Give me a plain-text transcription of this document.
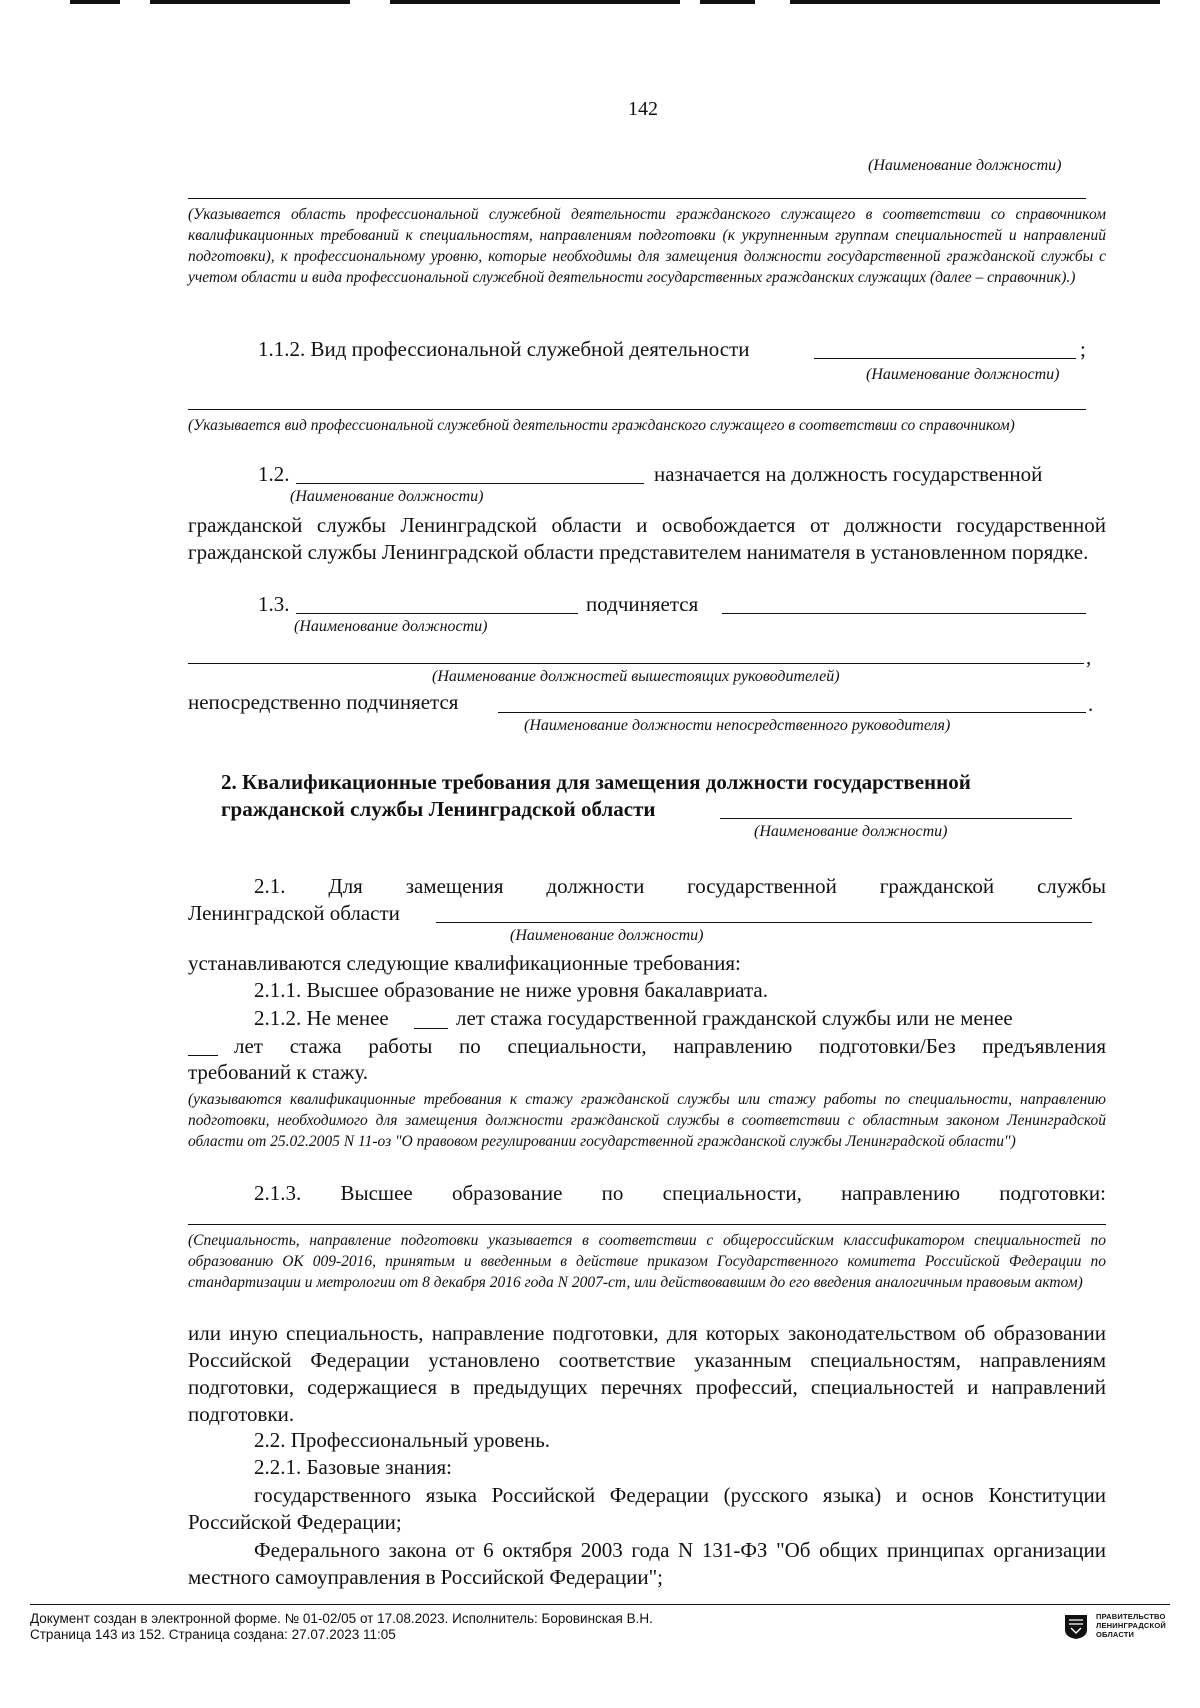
142
(Наименование должности)
(Указывается область профессиональной служебной деятельности гражданского служащего в соответствии со справочником квалификационных требований к специальностям, направлениям подготовки (к укрупненным группам специальностей и направлений подготовки), к профессиональному уровню, которые необходимы для замещения должности государственной гражданской службы с учетом области и вида профессиональной служебной деятельности государственных гражданских служащих (далее – справочник).)
1.1.2. Вид профессиональной служебной деятельности	;
(Наименование должности)
(Указывается вид профессиональной служебной деятельности гражданского служащего в соответствии со справочником)
1.2.	назначается на должность государственной
(Наименование должности)
гражданской службы Ленинградской области и освобождается от должности государственной гражданской службы Ленинградской области представителем нанимателя в установленном порядке.
1.3.	подчиняется
(Наименование должности)
,
(Наименование должностей вышестоящих руководителей)
непосредственно подчиняется	.
(Наименование должности непосредственного руководителя)
2. Квалификационные требования для замещения должности государственной
гражданской службы Ленинградской области
(Наименование должности)
2.1. Для замещения должности государственной гражданской службы
Ленинградской области
(Наименование должности)
устанавливаются следующие квалификационные требования:
2.1.1. Высшее образование не ниже уровня бакалавриата.
2.1.2. Не менее	лет стажа государственной гражданской службы или не менее
лет стажа работы по специальности, направлению подготовки/Без предъявления
требований к стажу.
(указываются квалификационные требования к стажу гражданской службы или стажу работы по специальности, направлению подготовки, необходимого для замещения должности гражданской службы в соответствии с областным законом Ленинградской области от 25.02.2005 N 11-оз "О правовом регулировании государственной гражданской службы Ленинградской области")
2.1.3. Высшее образование по специальности, направлению подготовки:
(Специальность, направление подготовки указывается в соответствии с общероссийским классификатором специальностей по образованию ОК 009-2016, принятым и введенным в действие приказом Государственного комитета Российской Федерации по стандартизации и метрологии от 8 декабря 2016 года N 2007-ст, или действовавшим до его введения аналогичным правовым актом)
или иную специальность, направление подготовки, для которых законодательством об образовании Российской Федерации установлено соответствие указанным специальностям, направлениям подготовки, содержащиеся в предыдущих перечнях профессий, специальностей и направлений подготовки.
2.2. Профессиональный уровень.
2.2.1. Базовые знания:
государственного языка Российской Федерации (русского языка) и основ Конституции Российской Федерации;
Федерального закона от 6 октября 2003 года N 131-ФЗ "Об общих принципах организации местного самоуправления в Российской Федерации";
Документ создан в электронной форме. № 01-02/05 от 17.08.2023. Исполнитель: Боровинская В.Н.
Страница 143 из 152. Страница создана: 27.07.2023 11:05
ПРАВИТЕЛЬСТВО
ЛЕНИНГРАДСКОЙ
ОБЛАСТИ
